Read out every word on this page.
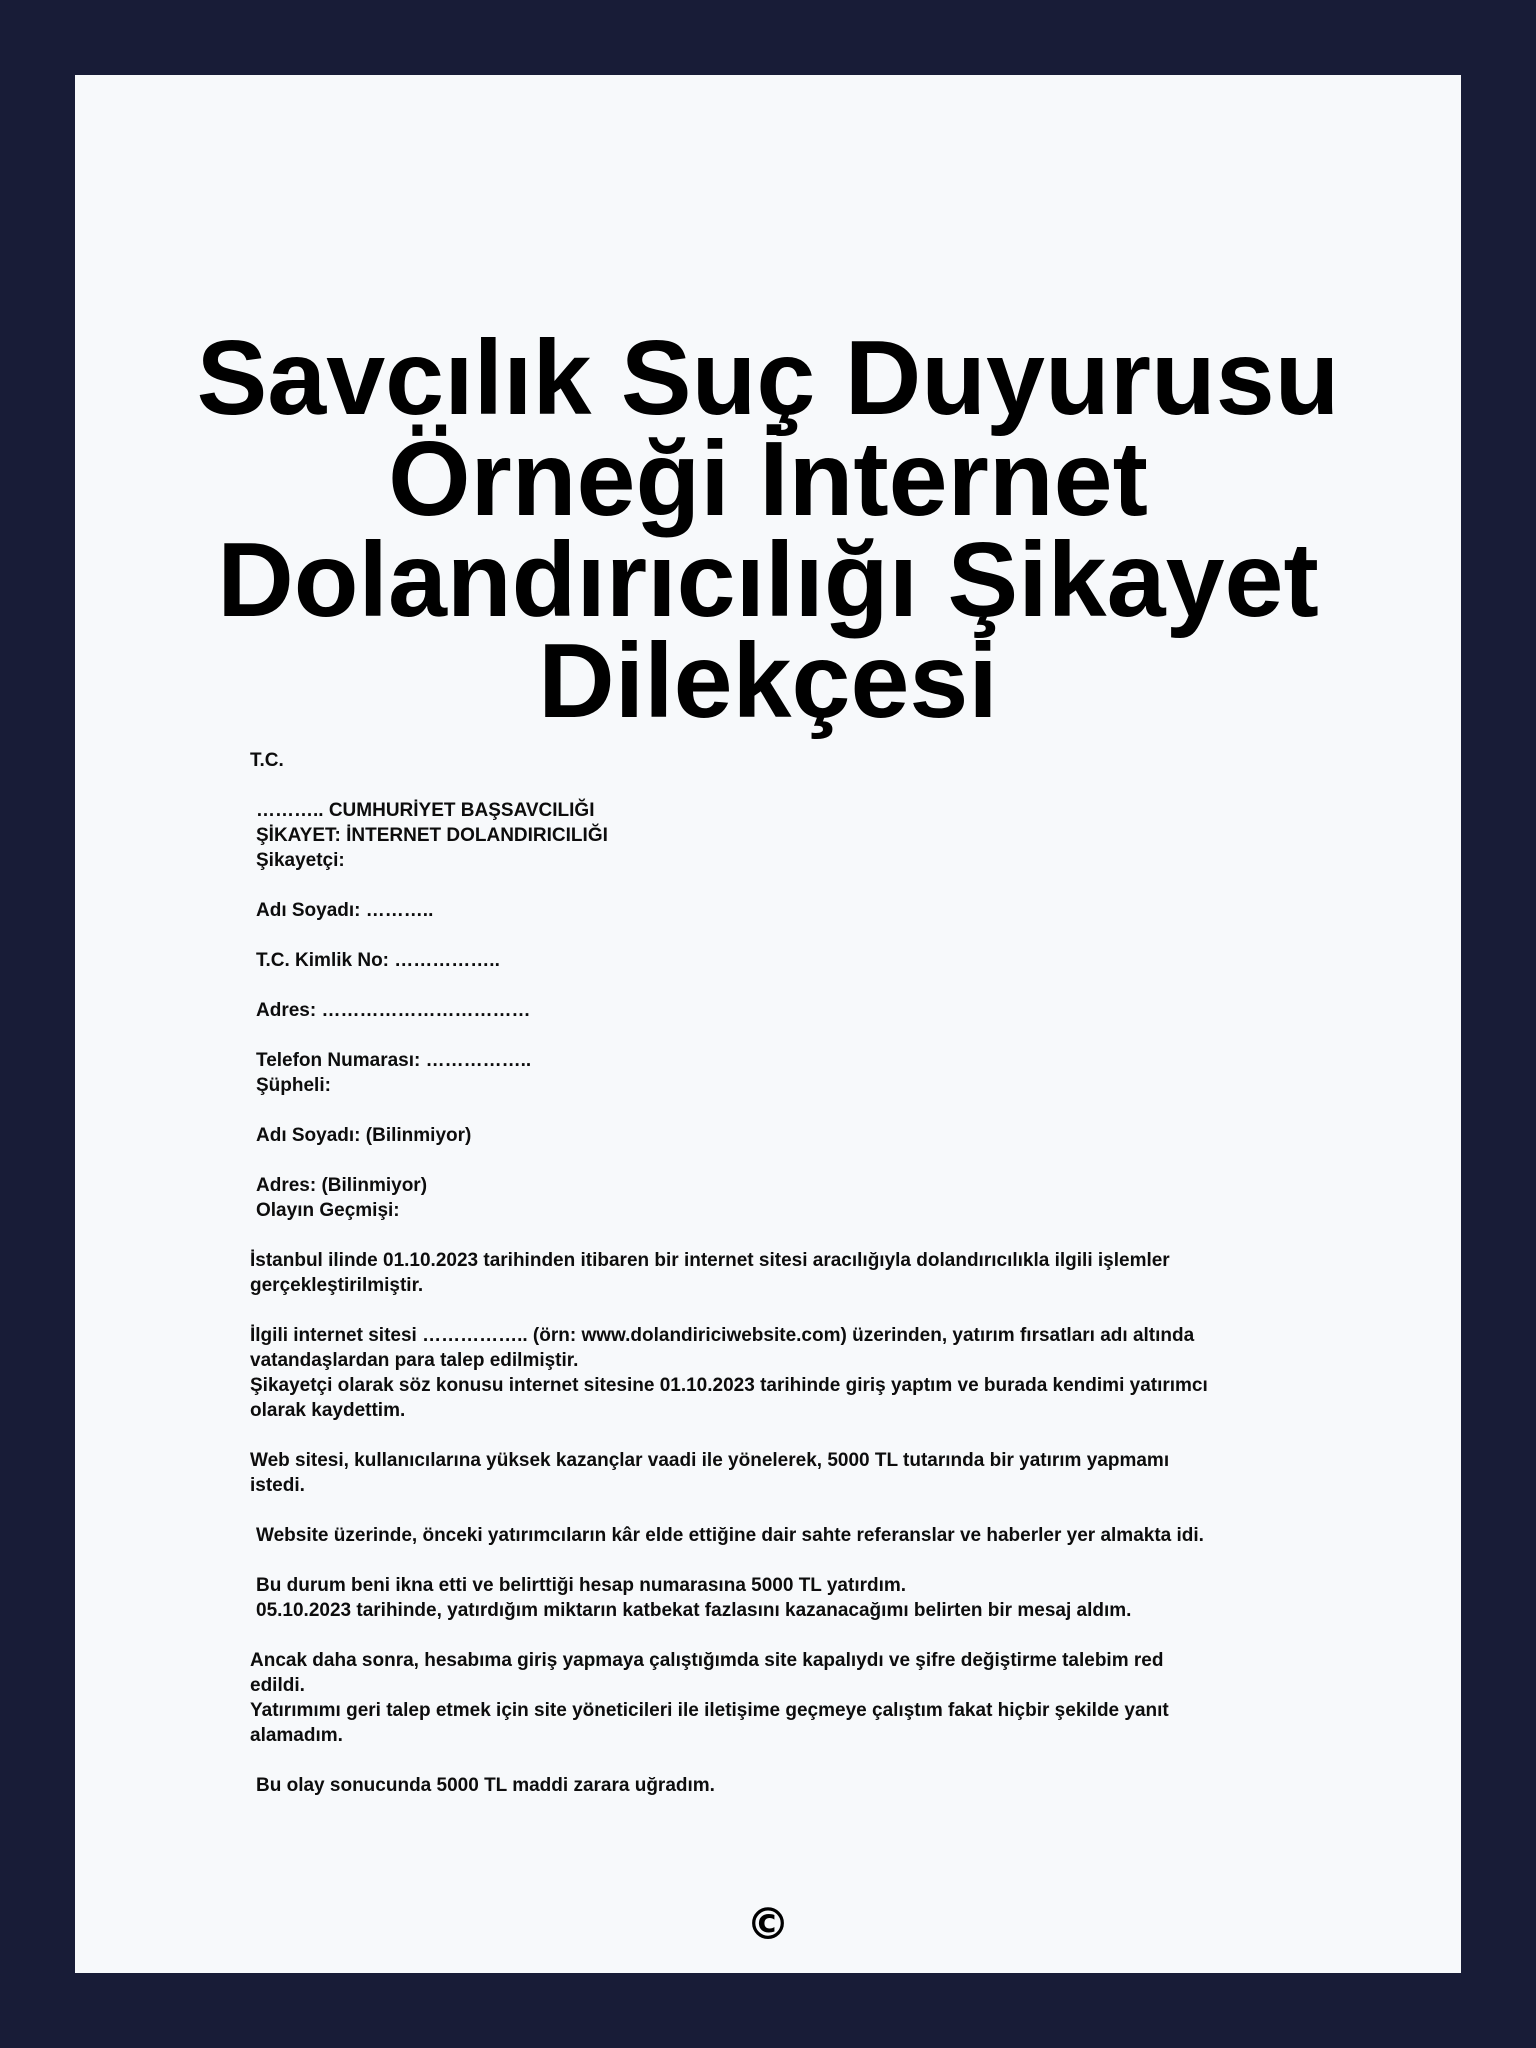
Savcılık Suç Duyurusu
Örneği İnternet
Dolandırıcılığı Şikayet
Dilekçesi
T.C.
……….. CUMHURİYET BAŞSAVCILIĞI
ŞİKAYET: İNTERNET DOLANDIRICILIĞI
Şikayetçi:
Adı Soyadı: ………..
T.C. Kimlik No: ……………..
Adres: ……………………………
Telefon Numarası: ……………..
Şüpheli:
Adı Soyadı: (Bilinmiyor)
Adres: (Bilinmiyor)
Olayın Geçmişi:
İstanbul ilinde 01.10.2023 tarihinden itibaren bir internet sitesi aracılığıyla dolandırıcılıkla ilgili işlemler
gerçekleştirilmiştir.
İlgili internet sitesi …………….. (örn: www.dolandiriciwebsite.com) üzerinden, yatırım fırsatları adı altında
vatandaşlardan para talep edilmiştir.
Şikayetçi olarak söz konusu internet sitesine 01.10.2023 tarihinde giriş yaptım ve burada kendimi yatırımcı
olarak kaydettim.
Web sitesi, kullanıcılarına yüksek kazançlar vaadi ile yönelerek, 5000 TL tutarında bir yatırım yapmamı
istedi.
Website üzerinde, önceki yatırımcıların kâr elde ettiğine dair sahte referanslar ve haberler yer almakta idi.
Bu durum beni ikna etti ve belirttiği hesap numarasına 5000 TL yatırdım.
05.10.2023 tarihinde, yatırdığım miktarın katbekat fazlasını kazanacağımı belirten bir mesaj aldım.
Ancak daha sonra, hesabıma giriş yapmaya çalıştığımda site kapalıydı ve şifre değiştirme talebim red
edildi.
Yatırımımı geri talep etmek için site yöneticileri ile iletişime geçmeye çalıştım fakat hiçbir şekilde yanıt
alamadım.
Bu olay sonucunda 5000 TL maddi zarara uğradım.
©
